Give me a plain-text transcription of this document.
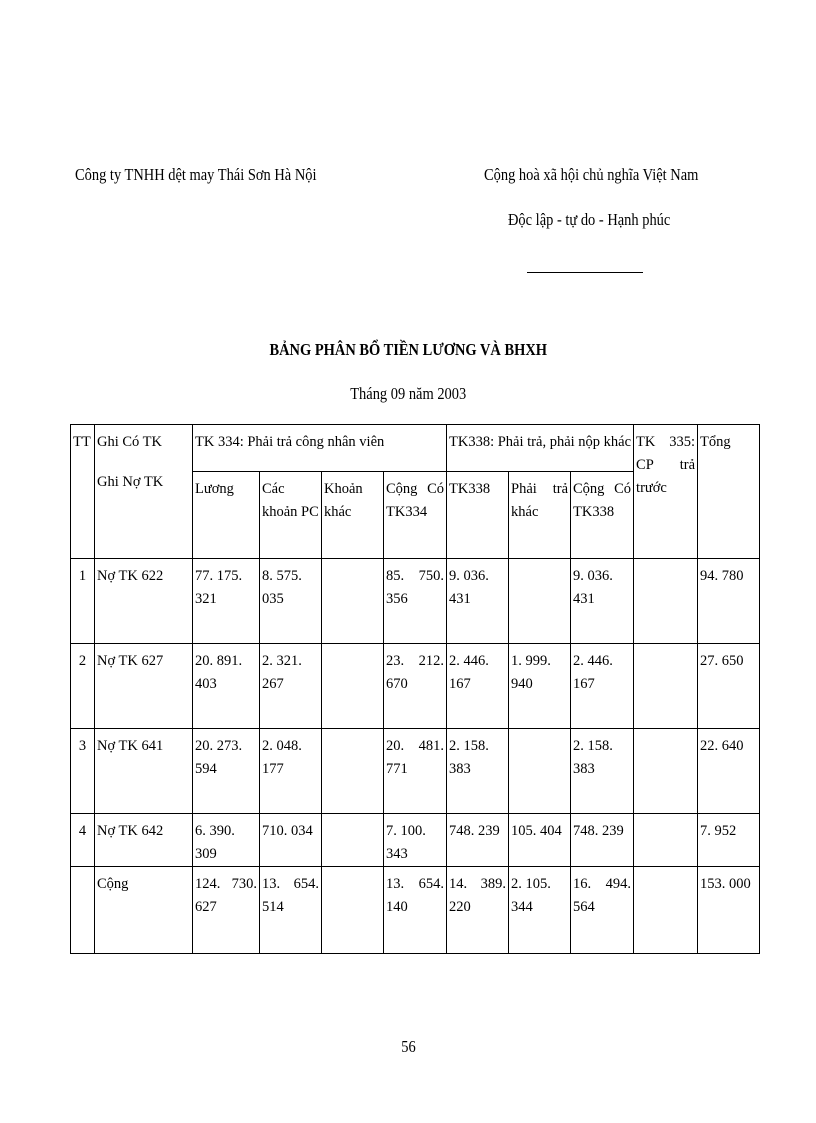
Công ty TNHH dệt may Thái Sơn Hà Nội	Cộng hoà xã hội chủ nghĩa Việt Nam
Độc lập - tự do - Hạnh phúc
BẢNG PHÂN BỔ TIỀN LƯƠNG VÀ BHXH
Tháng 09 năm 2003
TT	Ghi Có TK
Ghi Nợ TK	TK 334: Phải trả công nhân viên				TK338: Phải trả, phải nộp khác			TK 335: CP trả trước	Tổng
		Lương	Các khoản PC	Khoản khác	Cộng Có TK334	TK338	Phải trả khác	Cộng Có TK338		
1	Nợ TK 622	77. 175. 321	8. 575. 035		85. 750. 356	9. 036. 431		9. 036. 431		94. 780
2	Nợ TK 627	20. 891. 403	2. 321. 267		23. 212. 670	2. 446. 167	1. 999. 940	2. 446. 167		27. 650
3	Nợ TK 641	20. 273. 594	2. 048. 177		20. 481. 771	2. 158. 383		2. 158. 383		22. 640
4	Nợ TK 642	6. 390. 309	710. 034		7. 100. 343	748. 239	105. 404	748. 239		7. 952
	Cộng	124. 730. 627	13. 654. 514		13. 654. 140	14. 389. 220	2. 105. 344	16. 494. 564		153. 000
56
